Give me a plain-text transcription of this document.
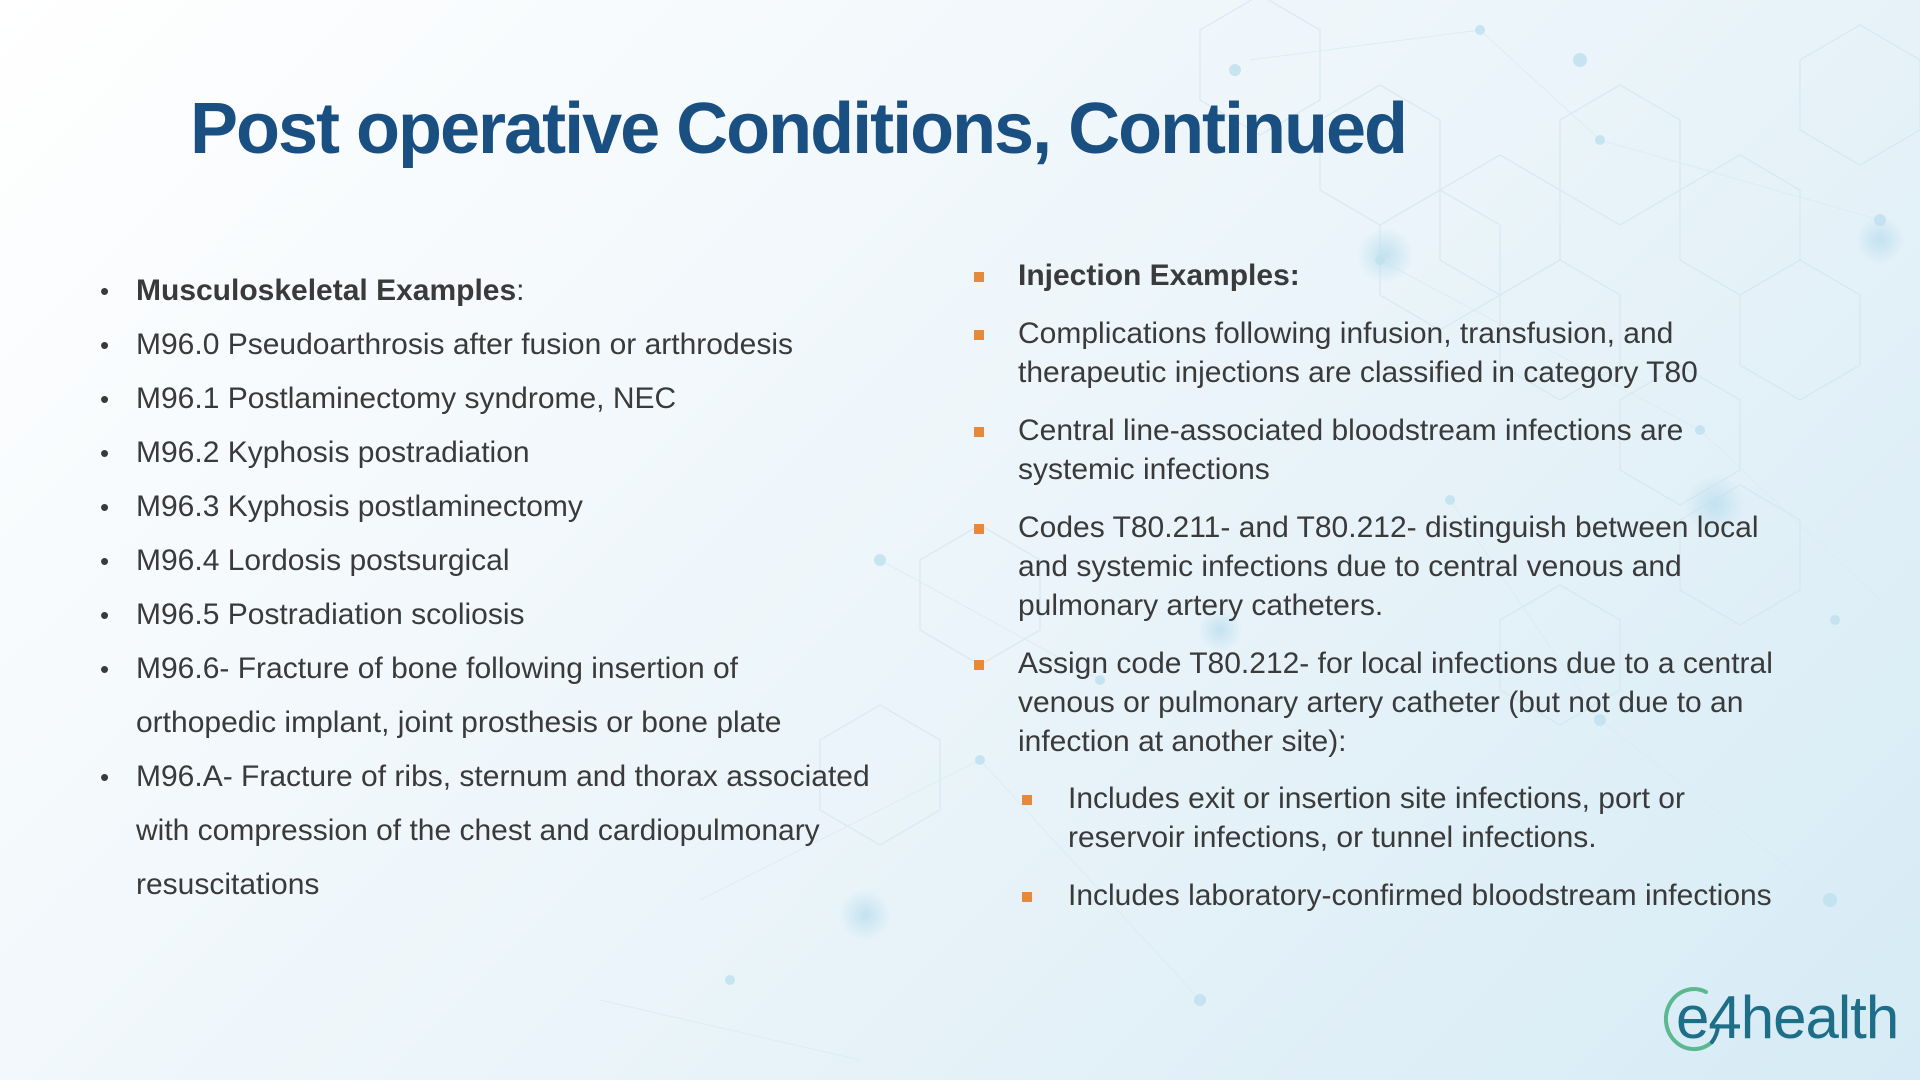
Post operative Conditions, Continued
• Musculoskeletal Examples:
• M96.0 Pseudoarthrosis after fusion or arthrodesis
• M96.1 Postlaminectomy syndrome, NEC
• M96.2 Kyphosis postradiation
• M96.3 Kyphosis postlaminectomy
• M96.4 Lordosis postsurgical
• M96.5 Postradiation scoliosis
• M96.6- Fracture of bone following insertion of orthopedic implant, joint prosthesis or bone plate
• M96.A- Fracture of ribs, sternum and thorax associated with compression of the chest and cardiopulmonary resuscitations
Injection Examples:
Complications following infusion, transfusion, and therapeutic injections are classified in category T80
Central line-associated bloodstream infections are systemic infections
Codes T80.211- and T80.212- distinguish between local and systemic infections due to central venous and pulmonary artery catheters.
Assign code T80.212- for local infections due to a central venous or pulmonary artery catheter (but not due to an infection at another site):
Includes exit or insertion site infections, port or reservoir infections, or tunnel infections.
Includes laboratory-confirmed bloodstream infections
e4health
